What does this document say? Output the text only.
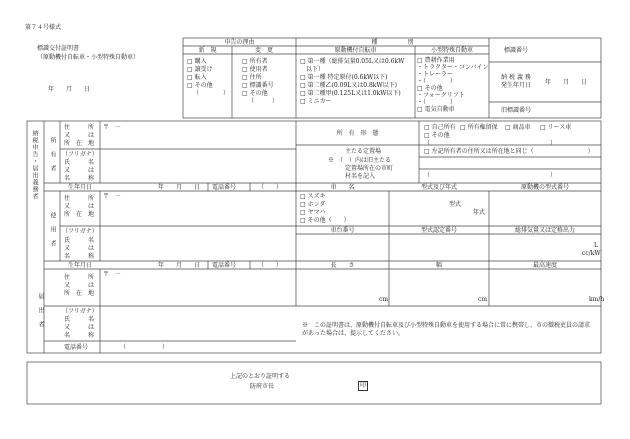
第７４号様式
標識交付証明書
（原動機付自転車・小型特殊自動車）
年　　月　　日
申告の理由
新　規	変　更
□ 購入
□ 譲受け
□ 転入
□ その他
（　　　　）
□ 所有者
□ 使用者
□ 住所
□ 標識番号
□ その他
（　　　）
種　　　　　別
原動機付自転車	小型特殊自動車
□ 第一種（総排気量0.05L又は0.6kW
　以下）
□ 第一種 特定原付(0.6kW以下)
□ 第二種乙(0.09L又は0.8kW以下)
□ 第二種甲(0.125L又は1.0kW以下)
□ ミニカー
□ 農耕作業用
・トラクター・コンバイン
・トレーラー
・（　　　　）
□ その他
・フォークリフト
・（　　　　）
□ 電気自動車
標識番号
納 税 義 務
発生年月日	年　　月　　日
旧標識番号
納税申告・届出義務者 所　有　者
住　　　所
又　　　は
所　在　地
〒　－
（フリガナ）
氏　　　名
又　　　は
名　　　称
生年月日	年　　月　　日 電話番号	（　　）
所　有　形　態
□ 自己所有 □ 所有権留保 □ 商品車 □ リース車
□ その他
（　　　　　　　　　　　　　　　　　　　　）
主たる定置場
※　（　）内は旧主たる
定置場所在の市町
村名を記入
□ 左記所有者の住所又は所在地と同じ（　　　　　　　　　）
（　　　　　　　　　　　　　　　　　　　　）
使　用　者
住　　　所
又　　　は
所　在　地
〒　－
（フリガナ）
氏　　　名
又　　　は
名　　　称
生年月日	年　　月　　日 電話番号	（　　）
車　　名	型式及び年式	原動機の型式番号
□ スズキ
□ ホンダ
□ ヤマハ
□ その他（　　）
型式
年式
車台番号	型式認定番号	総排気量又は定格出力
L
cc/kW
長　　さ	幅	最高速度
cm	cm	km/h
届　出　者
住　　　所
又　　　は
所　在　地
〒　－
（フリガナ）
氏　　　名
又　　　は
名　　　称
電話番号	（　　　　　　）
※　この証明書は、原動機付自転車及び小型特殊自動車を使用する場合に常に携帯し、市の徴税吏員の請求があった場合は、提示してください。
上記のとおり証明する
防府市長	印
